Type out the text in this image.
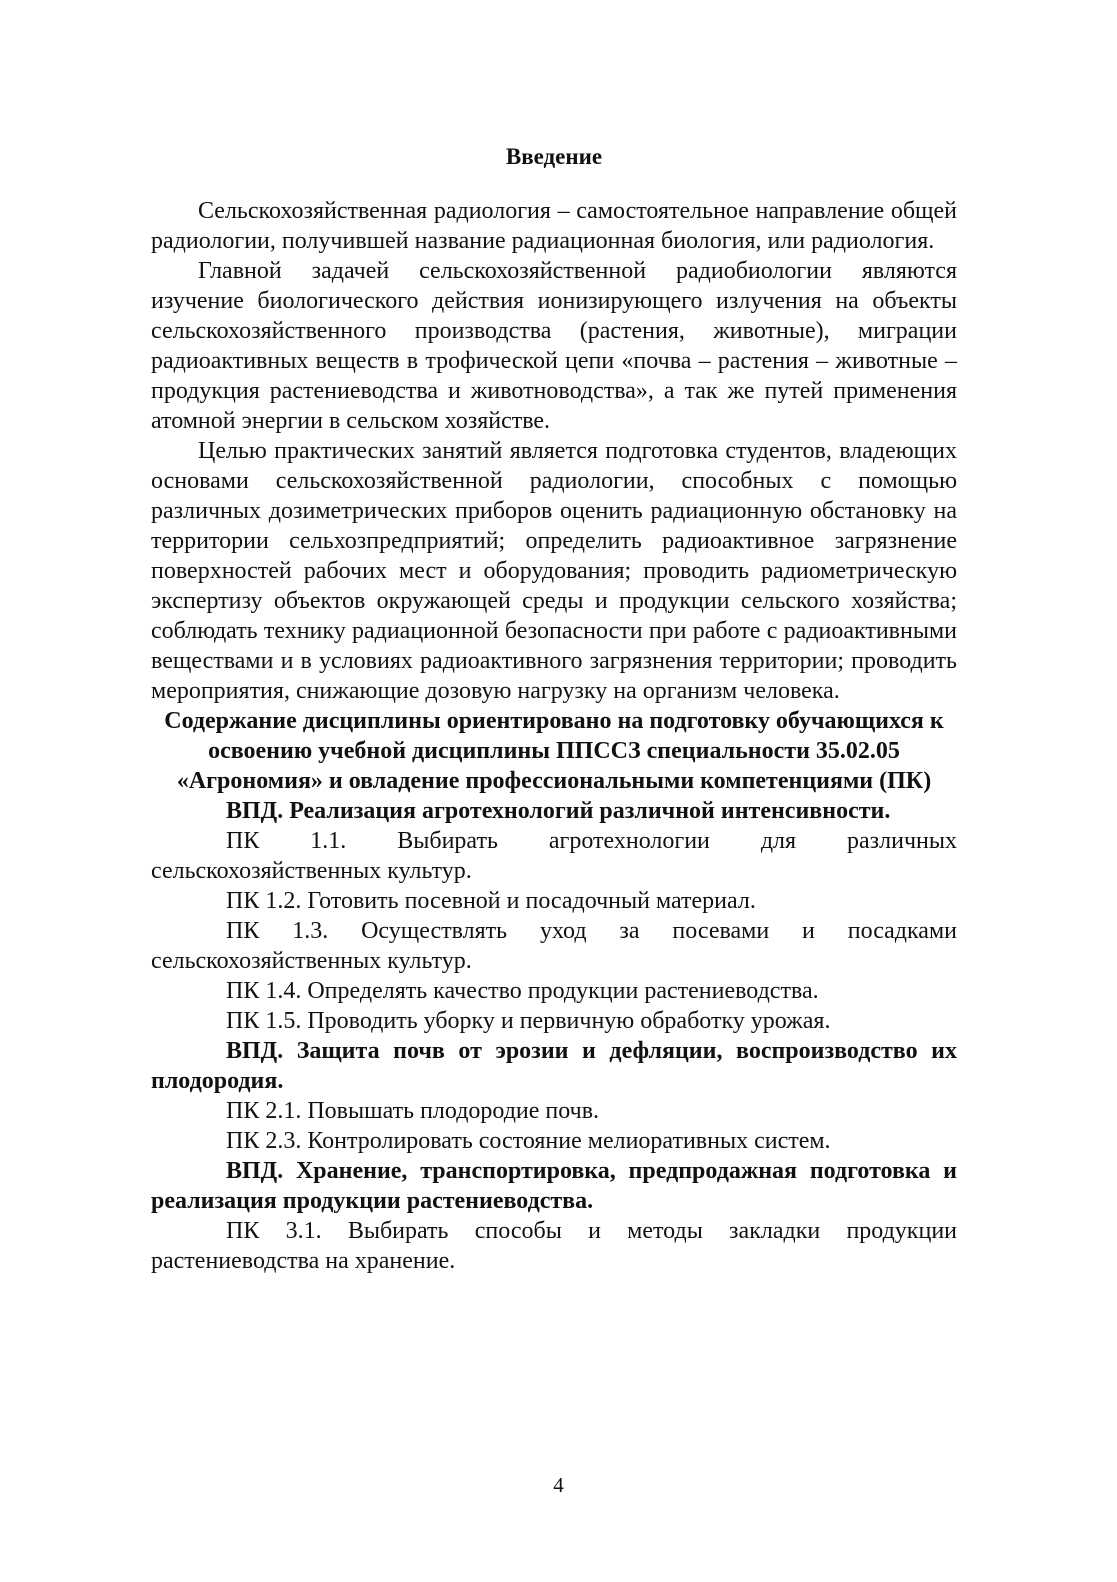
Введение

Сельскохозяйственная радиология – самостоятельное направление общей радиологии, получившей название радиационная биология, или радиология.

Главной задачей сельскохозяйственной радиобиологии являются изучение биологического действия ионизирующего излучения на объекты сельскохозяйственного производства (растения, животные), миграции радиоактивных веществ в трофической цепи «почва – растения – животные – продукция растениеводства и животноводства», а так же путей применения атомной энергии в сельском хозяйстве.

Целью практических занятий является подготовка студентов, владеющих основами сельскохозяйственной радиологии, способных с помощью различных дозиметрических приборов оценить радиационную обстановку на территории сельхозпредприятий; определить радиоактивное загрязнение поверхностей рабочих мест и оборудования; проводить радиометрическую экспертизу объектов окружающей среды и продукции сельского хозяйства; соблюдать технику радиационной безопасности при работе с радиоактивными веществами и в условиях радиоактивного загрязнения территории; проводить мероприятия, снижающие дозовую нагрузку на организм человека.

Содержание дисциплины ориентировано на подготовку обучающихся к освоению учебной дисциплины ППССЗ специальности 35.02.05 «Агрономия» и овладение профессиональными компетенциями (ПК)

ВПД. Реализация агротехнологий различной интенсивности.

ПК 1.1. Выбирать агротехнологии для различных сельскохозяйственных культур.

ПК 1.2. Готовить посевной и посадочный материал.

ПК 1.3. Осуществлять уход за посевами и посадками сельскохозяйственных культур.

ПК 1.4. Определять качество продукции растениеводства.

ПК 1.5. Проводить уборку и первичную обработку урожая.

ВПД. Защита почв от эрозии и дефляции, воспроизводство их плодородия.

ПК 2.1. Повышать плодородие почв.

ПК 2.3. Контролировать состояние мелиоративных систем.

ВПД. Хранение, транспортировка, предпродажная подготовка и реализация продукции растениеводства.

ПК 3.1. Выбирать способы и методы закладки продукции растениеводства на хранение.

4
